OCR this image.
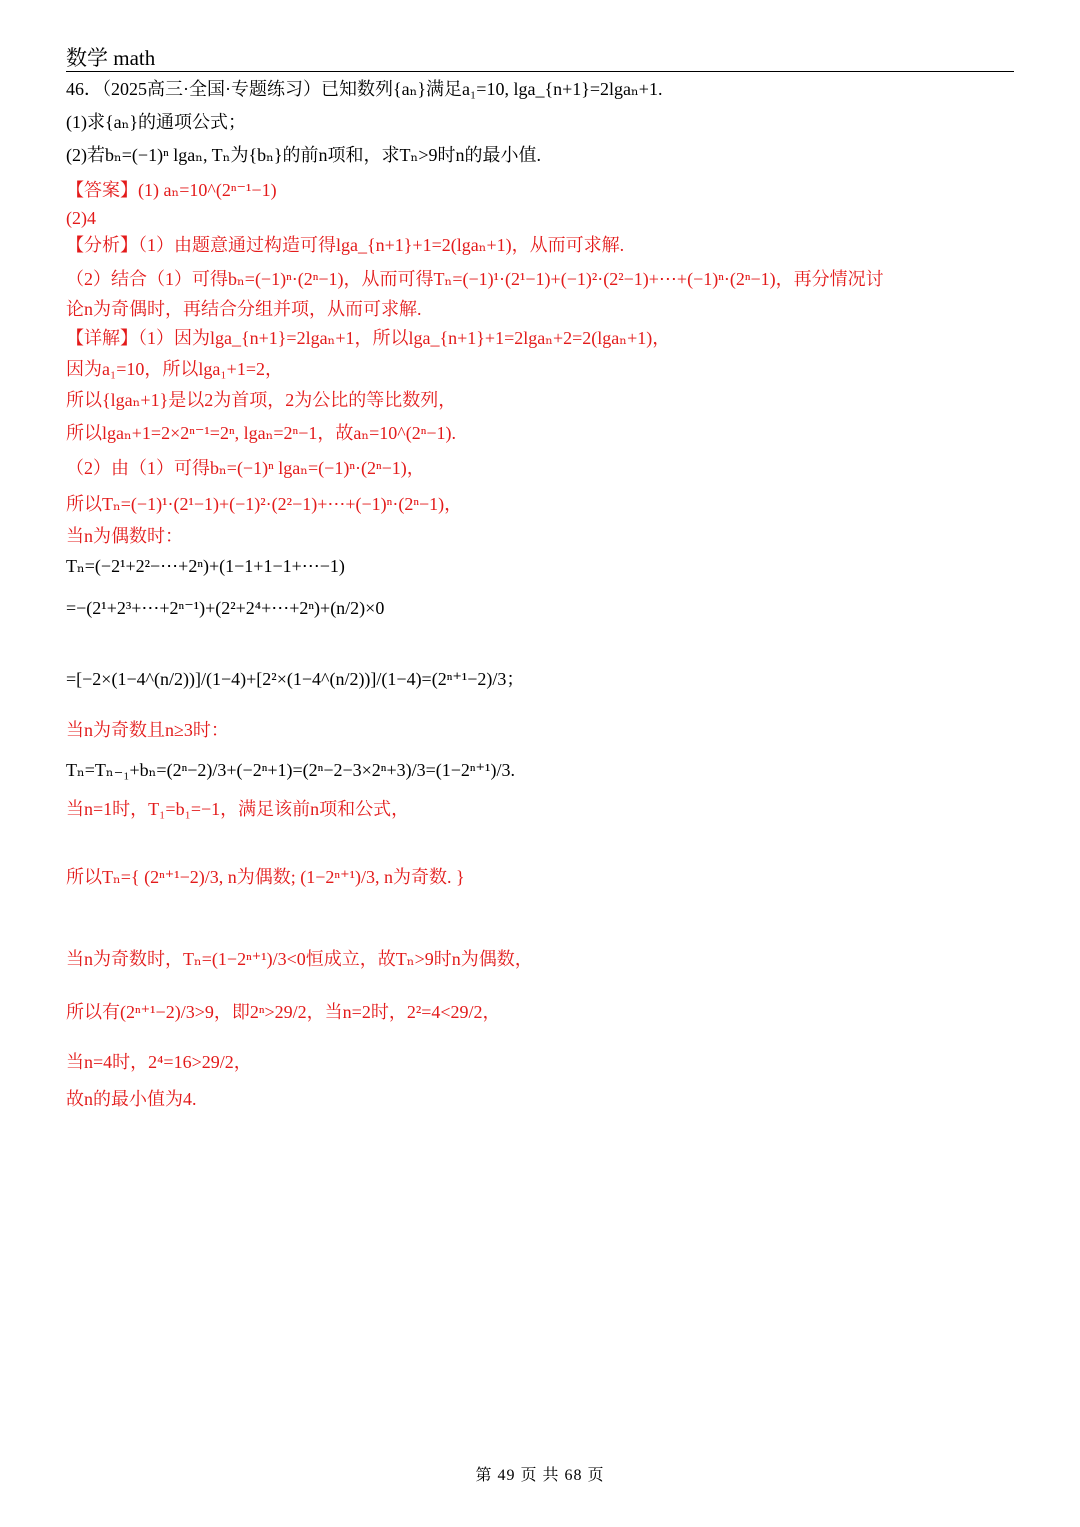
数学 math
46．（2025高三·全国·专题练习）已知数列{aₙ}满足a₁=10, lga_{n+1}=2lgaₙ+1.
(1)求{aₙ}的通项公式；
(2)若bₙ=(−1)ⁿ lgaₙ, Tₙ为{bₙ}的前n项和，求Tₙ>9时n的最小值.
【答案】(1) aₙ=10^(2ⁿ⁻¹−1)
(2)4
【分析】（1）由题意通过构造可得lga_{n+1}+1=2(lgaₙ+1)，从而可求解.
（2）结合（1）可得bₙ=(−1)ⁿ·(2ⁿ−1)，从而可得Tₙ=(−1)¹·(2¹−1)+(−1)²·(2²−1)+⋯+(−1)ⁿ·(2ⁿ−1)，再分情况讨
论n为奇偶时，再结合分组并项，从而可求解.
【详解】（1）因为lga_{n+1}=2lgaₙ+1，所以lga_{n+1}+1=2lgaₙ+2=2(lgaₙ+1)，
因为a₁=10，所以lga₁+1=2，
所以{lgaₙ+1}是以2为首项，2为公比的等比数列，
所以lgaₙ+1=2×2ⁿ⁻¹=2ⁿ, lgaₙ=2ⁿ−1，故aₙ=10^(2ⁿ−1).
（2）由（1）可得bₙ=(−1)ⁿ lgaₙ=(−1)ⁿ·(2ⁿ−1)，
所以Tₙ=(−1)¹·(2¹−1)+(−1)²·(2²−1)+⋯+(−1)ⁿ·(2ⁿ−1)，
当n为偶数时：
Tₙ=(−2¹+2²−⋯+2ⁿ)+(1−1+1−1+⋯−1)
=−(2¹+2³+⋯+2ⁿ⁻¹)+(2²+2⁴+⋯+2ⁿ)+(n/2)×0
=[−2×(1−4^(n/2))]/(1−4)+[2²×(1−4^(n/2))]/(1−4)=(2ⁿ⁺¹−2)/3；
当n为奇数且n≥3时：
Tₙ=Tₙ₋₁+bₙ=(2ⁿ−2)/3+(−2ⁿ+1)=(2ⁿ−2−3×2ⁿ+3)/3=(1−2ⁿ⁺¹)/3.
当n=1时，T₁=b₁=−1，满足该前n项和公式，
所以Tₙ={ (2ⁿ⁺¹−2)/3, n为偶数; (1−2ⁿ⁺¹)/3, n为奇数. }
当n为奇数时，Tₙ=(1−2ⁿ⁺¹)/3<0恒成立，故Tₙ>9时n为偶数，
所以有(2ⁿ⁺¹−2)/3>9，即2ⁿ>29/2，当n=2时，2²=4<29/2，
当n=4时，2⁴=16>29/2，
故n的最小值为4.
第 49 页 共 68 页
